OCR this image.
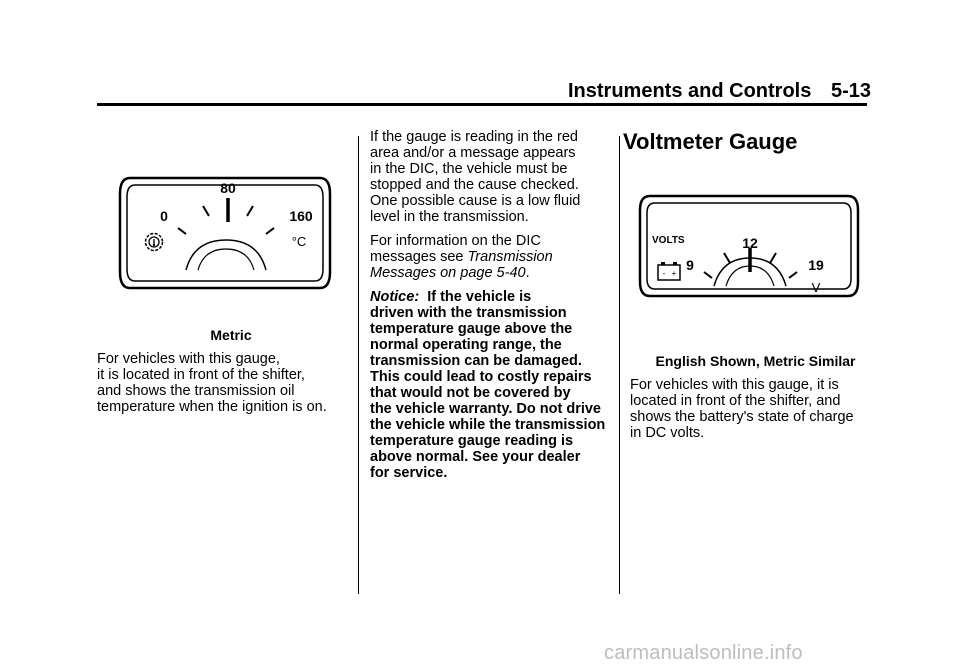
Instruments and Controls 5-13
80
0	160
°C
Metric
For vehicles with this gauge,
it is located in front of the shifter,
and shows the transmission oil
temperature when the ignition is on.

If the gauge is reading in the red
area and/or a message appears
in the DIC, the vehicle must be
stopped and the cause checked.
One possible cause is a low fluid
level in the transmission.

For information on the DIC
messages see Transmission
Messages on page 5-40.

Notice: If the vehicle is
driven with the transmission
temperature gauge above the
normal operating range, the
transmission can be damaged.
This could lead to costly repairs
that would not be covered by
the vehicle warranty. Do not drive
the vehicle while the transmission
temperature gauge reading is
above normal. See your dealer
for service.

Voltmeter Gauge
VOLTS	12
9	19
V
- +
English Shown, Metric Similar
For vehicles with this gauge, it is
located in front of the shifter, and
shows the battery's state of charge
in DC volts.
carmanualsonline.info
